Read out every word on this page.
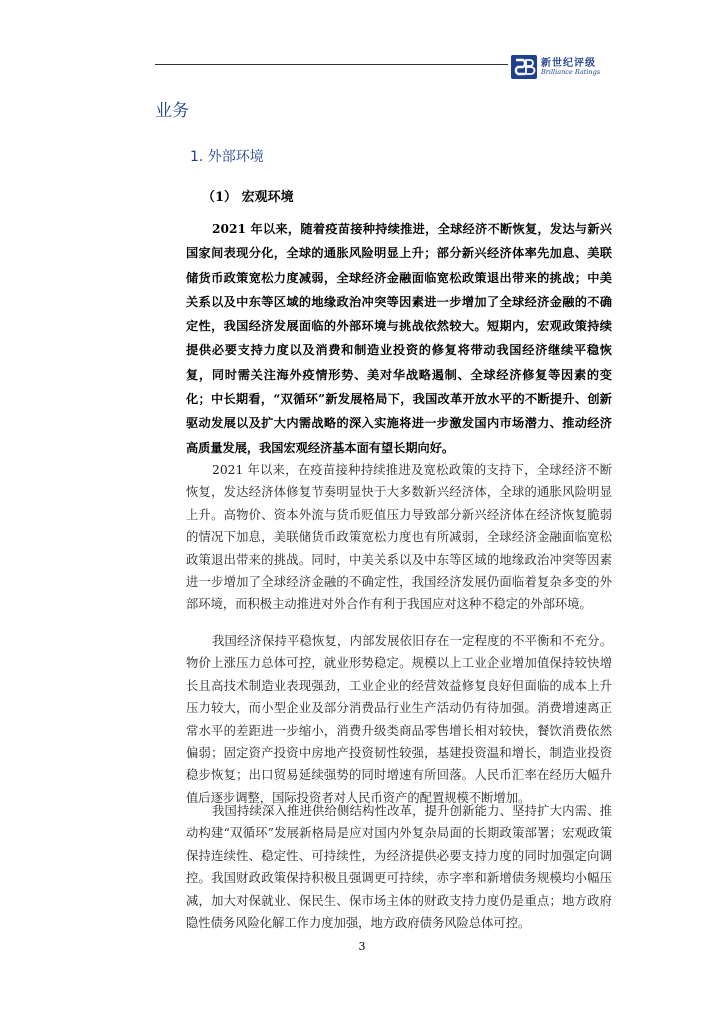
新世纪评级
Brilliance Ratings
业务
1. 外部环境
（1） 宏观环境

2021 年以来，随着疫苗接种持续推进，全球经济不断恢复，发达与新兴国家间表现分化，全球的通胀风险明显上升；部分新兴经济体率先加息、美联储货币政策宽松力度减弱，全球经济金融面临宽松政策退出带来的挑战；中美关系以及中东等区域的地缘政治冲突等因素进一步增加了全球经济金融的不确定性，我国经济发展面临的外部环境与挑战依然较大。短期内，宏观政策持续提供必要支持力度以及消费和制造业投资的修复将带动我国经济继续平稳恢复，同时需关注海外疫情形势、美对华战略遏制、全球经济修复等因素的变化；中长期看，“双循环”新发展格局下，我国改革开放水平的不断提升、创新驱动发展以及扩大内需战略的深入实施将进一步激发国内市场潜力、推动经济高质量发展，我国宏观经济基本面有望长期向好。

2021 年以来，在疫苗接种持续推进及宽松政策的支持下，全球经济不断恢复，发达经济体修复节奏明显快于大多数新兴经济体，全球的通胀风险明显上升。高物价、资本外流与货币贬值压力导致部分新兴经济体在经济恢复脆弱的情况下加息，美联储货币政策宽松力度也有所减弱，全球经济金融面临宽松政策退出带来的挑战。同时，中美关系以及中东等区域的地缘政治冲突等因素进一步增加了全球经济金融的不确定性，我国经济发展仍面临着复杂多变的外部环境，而积极主动推进对外合作有利于我国应对这种不稳定的外部环境。

我国经济保持平稳恢复，内部发展依旧存在一定程度的不平衡和不充分。物价上涨压力总体可控，就业形势稳定。规模以上工业企业增加值保持较快增长且高技术制造业表现强劲，工业企业的经营效益修复良好但面临的成本上升压力较大，而小型企业及部分消费品行业生产活动仍有待加强。消费增速离正常水平的差距进一步缩小，消费升级类商品零售增长相对较快，餐饮消费依然偏弱；固定资产投资中房地产投资韧性较强，基建投资温和增长，制造业投资稳步恢复；出口贸易延续强势的同时增速有所回落。人民币汇率在经历大幅升值后逐步调整，国际投资者对人民币资产的配置规模不断增加。

我国持续深入推进供给侧结构性改革，提升创新能力、坚持扩大内需、推动构建“双循环”发展新格局是应对国内外复杂局面的长期政策部署；宏观政策保持连续性、稳定性、可持续性，为经济提供必要支持力度的同时加强定向调控。我国财政政策保持积极且强调更可持续，赤字率和新增债务规模均小幅压减，加大对保就业、保民生、保市场主体的财政支持力度仍是重点；地方政府隐性债务风险化解工作力度加强，地方政府债务风险总体可控。

3
